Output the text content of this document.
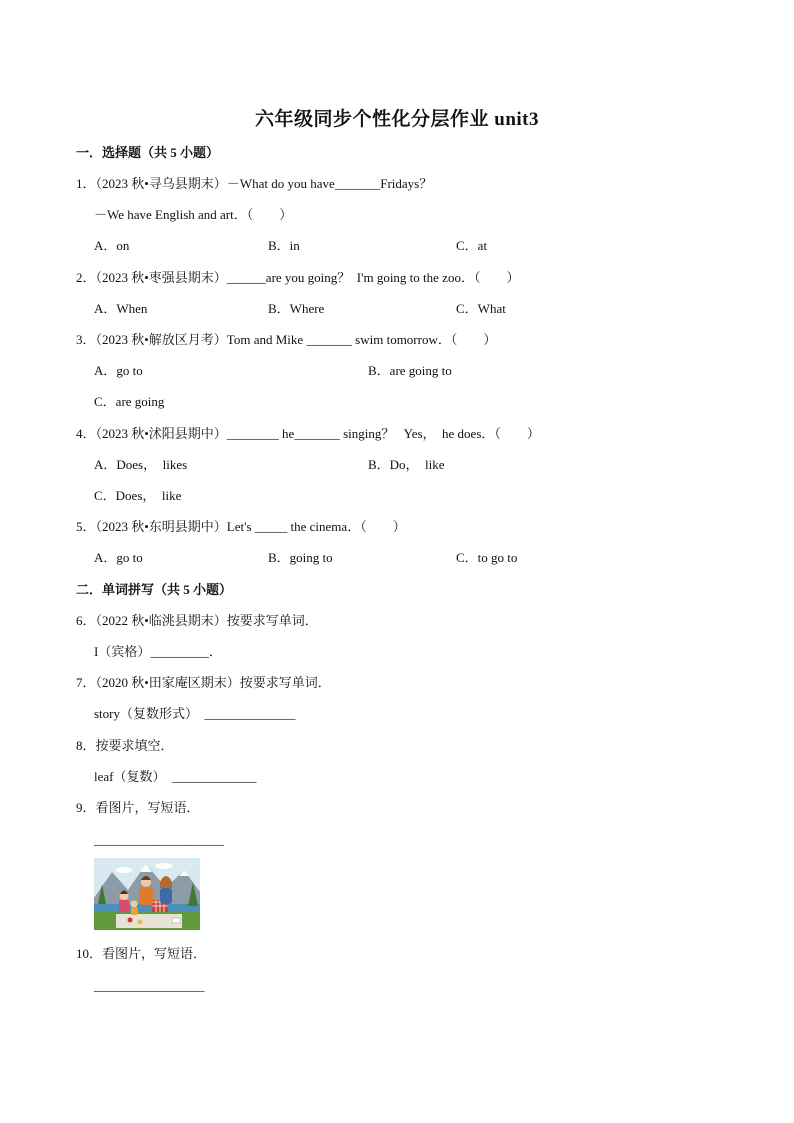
六年级同步个性化分层作业 unit3
一．选择题（共 5 小题）
1．（2023 秋•寻乌县期末）－What do you have_______Fridays？
－We have English and art．（　　）
A．on	B．in	C．at
2．（2023 秋•枣强县期末）______are you going？  I'm going to the zoo．（　　）
A．When	B．Where	C．What
3．（2023 秋•解放区月考）Tom and Mike _______ swim tomorrow．（　　）
A．go to	B．are going to
C．are going
4．（2023 秋•沭阳县期中）________ he_______ singing？   Yes，  he does．（　　）
A．Does，  likes	B．Do，  like
C．Does，  like
5．（2023 秋•东明县期中）Let's _____ the cinema．（　　）
A．go to	B．going to	C．to go to
二．单词拼写（共 5 小题）
6．（2022 秋•临洮县期末）按要求写单词．
I（宾格）_________．
7．（2020 秋•田家庵区期末）按要求写单词．
story（复数形式）  ______________
8．按要求填空．
leaf（复数）  _____________
9．看图片，写短语．
____________________
10．看图片，写短语．
_________________
